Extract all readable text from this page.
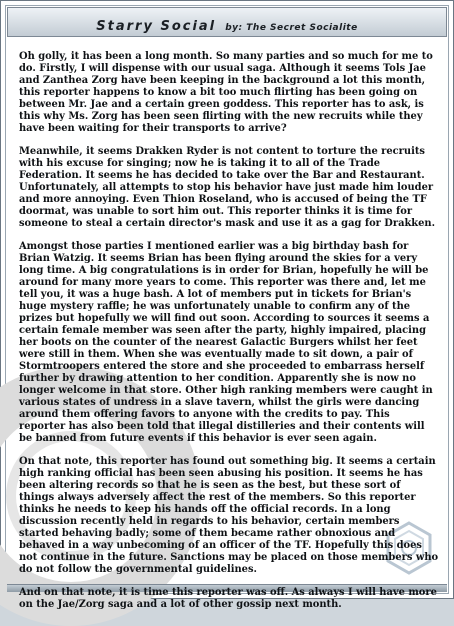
Starry Social by: The Secret Socialite

Oh golly, it has been a long month. So many parties and so much for me to do. Firstly, I will dispense with our usual saga. Although it seems Tols Jae and Zanthea Zorg have been keeping in the background a lot this month, this reporter happens to know a bit too much flirting has been going on between Mr. Jae and a certain green goddess. This reporter has to ask, is this why Ms. Zorg has been seen flirting with the new recruits while they have been waiting for their transports to arrive?

Meanwhile, it seems Drakken Ryder is not content to torture the recruits with his excuse for singing; now he is taking it to all of the Trade Federation. It seems he has decided to take over the Bar and Restaurant. Unfortunately, all attempts to stop his behavior have just made him louder and more annoying. Even Thion Roseland, who is accused of being the TF doormat, was unable to sort him out. This reporter thinks it is time for someone to steal a certain director's mask and use it as a gag for Drakken.

Amongst those parties I mentioned earlier was a big birthday bash for Brian Watzig. It seems Brian has been flying around the skies for a very long time. A big congratulations is in order for Brian, hopefully he will be around for many more years to come. This reporter was there and, let me tell you, it was a huge bash. A lot of members put in tickets for Brian's huge mystery raffle; he was unfortunately unable to confirm any of the prizes but hopefully we will find out soon. According to sources it seems a certain female member was seen after the party, highly impaired, placing her boots on the counter of the nearest Galactic Burgers whilst her feet were still in them. When she was eventually made to sit down, a pair of Stormtroopers entered the store and she proceeded to embarrass herself further by drawing attention to her condition. Apparently she is now no longer welcome in that store. Other high ranking members were caught in various states of undress in a slave tavern, whilst the girls were dancing around them offering favors to anyone with the credits to pay. This reporter has also been told that illegal distilleries and their contents will be banned from future events if this behavior is ever seen again.

On that note, this reporter has found out something big. It seems a certain high ranking official has been seen abusing his position. It seems he has been altering records so that he is seen as the best, but these sort of things always adversely affect the rest of the members. So this reporter thinks he needs to keep his hands off the official records. In a long discussion recently held in regards to his behavior, certain members started behaving badly; some of them became rather obnoxious and behaved in a way unbecoming of an officer of the TF. Hopefully this does not continue in the future. Sanctions may be placed on those members who do not follow the governmental guidelines.

And on that note, it is time this reporter was off. As always I will have more on the Jae/Zorg saga and a lot of other gossip next month.
